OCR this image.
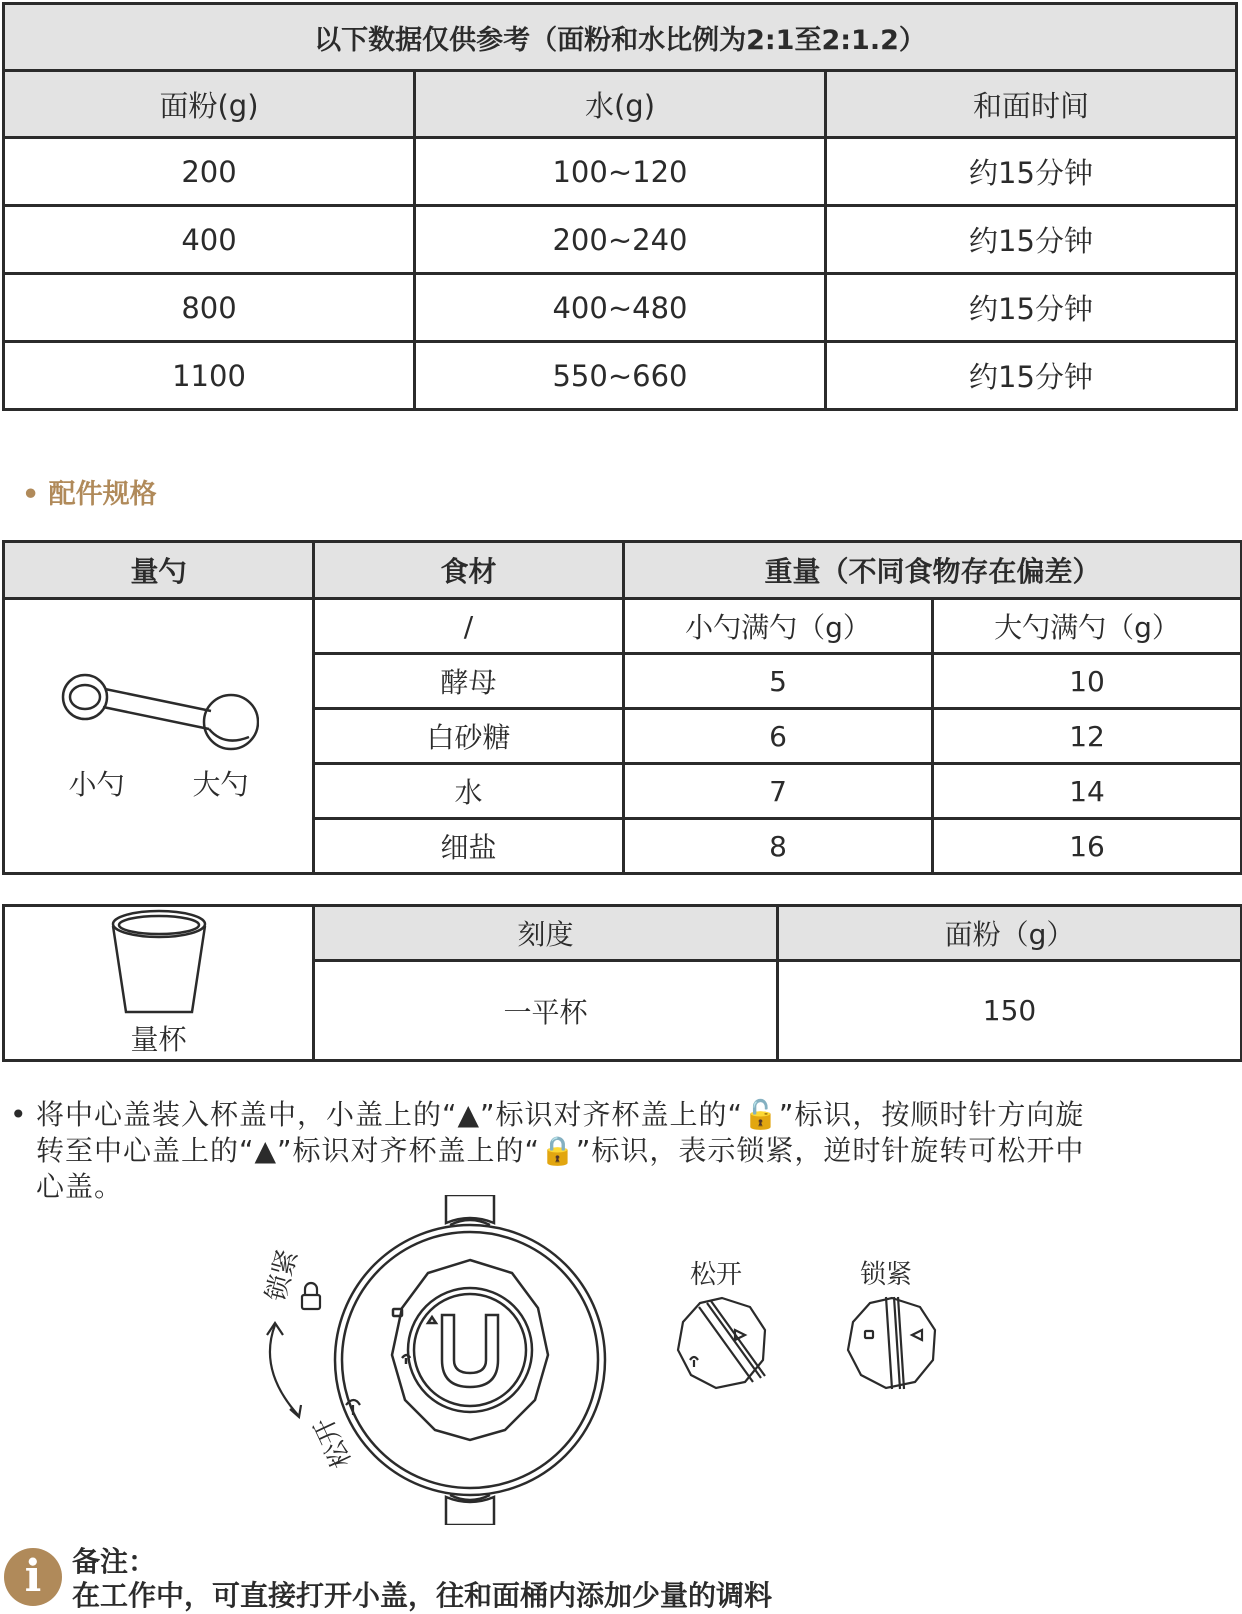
以下数据仅供参考（面粉和水比例为2:1至2:1.2）		
面粉(g)	水(g)	和面时间
200	100~120	约15分钟
400	200~240	约15分钟
800	400~480	约15分钟
1100	550~660	约15分钟
• 配件规格
量勺	食材	重量（不同食物存在偏差）	

小勺 大勺	/	小勺满勺（g）	大勺满勺（g）
	酵母	5	10
	白砂糖	6	12
	水	7	14
	细盐	8	16
量杯	刻度	面粉（g）
	一平杯	150
• 将中心盖装入杯盖中，小盖上的“▲”标识对齐杯盖上的“🔓”标识，按顺时针方向旋
转至中心盖上的“▲”标识对齐杯盖上的“🔒”标识，表示锁紧，逆时针旋转可松开中
心盖。
锁紧
松开
松开	锁紧
i	备注：
在工作中，可直接打开小盖，往和面桶内添加少量的调料
